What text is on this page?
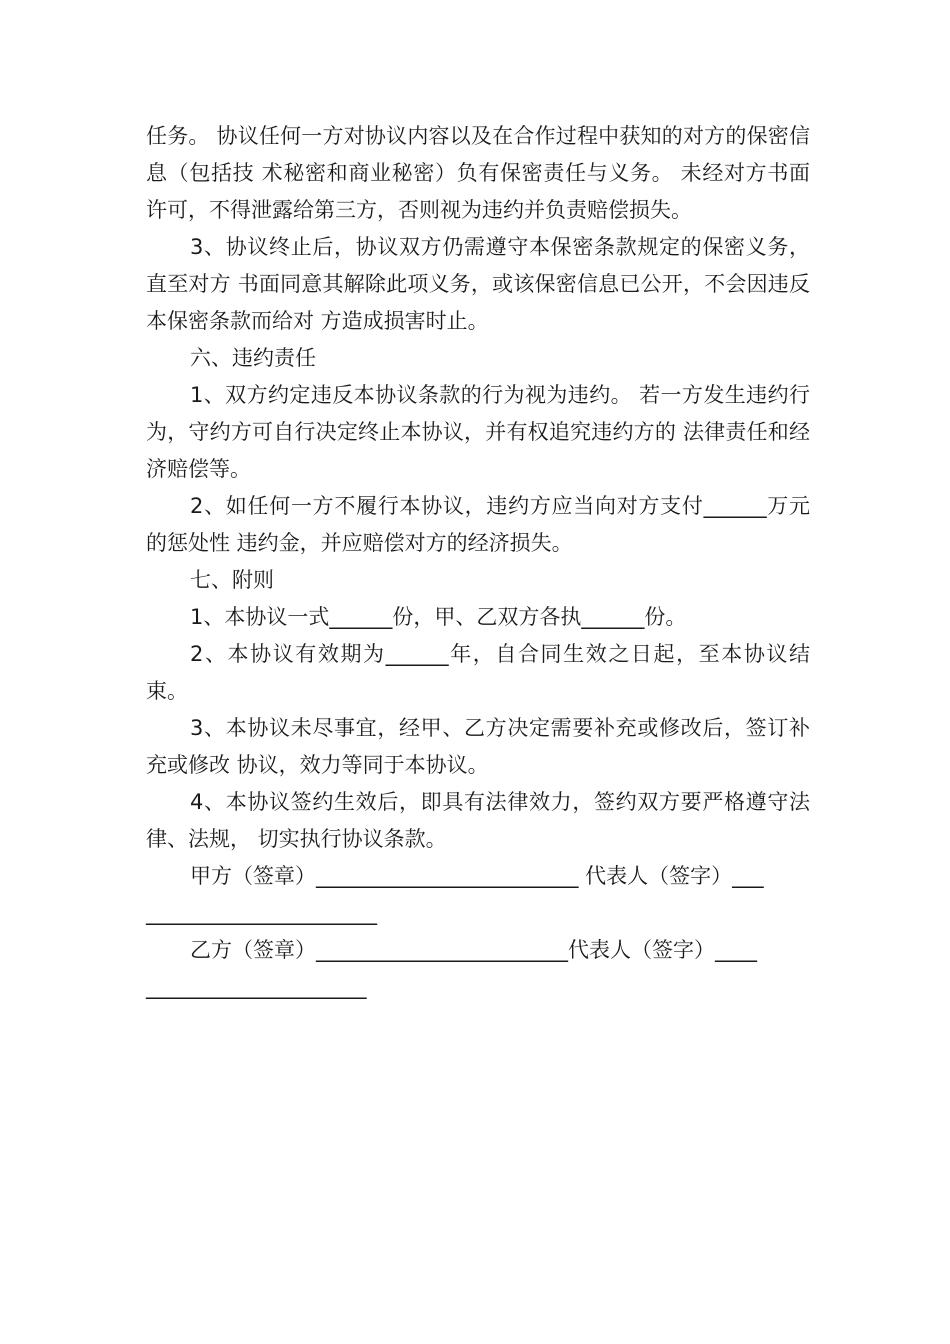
任务。 协议任何一方对协议内容以及在合作过程中获知的对方的保密信息（包括技 术秘密和商业秘密）负有保密责任与义务。 未经对方书面许可，不得泄露给第三方，否则视为违约并负责赔偿损失。

3、协议终止后，协议双方仍需遵守本保密条款规定的保密义务，直至对方 书面同意其解除此项义务，或该保密信息已公开，不会因违反本保密条款而给对 方造成损害时止。

六、违约责任

1、双方约定违反本协议条款的行为视为违约。 若一方发生违约行为，守约方可自行决定终止本协议，并有权追究违约方的 法律责任和经济赔偿等。

2、如任何一方不履行本协议，违约方应当向对方支付______万元的惩处性 违约金，并应赔偿对方的经济损失。

七、附则

1、本协议一式______份，甲、乙双方各执______份。

2、本协议有效期为______年，自合同生效之日起，至本协议结束。

3、本协议未尽事宜，经甲、乙方决定需要补充或修改后，签订补充或修改 协议，效力等同于本协议。

4、本协议签约生效后，即具有法律效力，签约双方要严格遵守法律、法规， 切实执行协议条款。

甲方（签章）_________________________ 代表人（签字）___
______________________

乙方（签章）________________________代表人（签字）____
_____________________
